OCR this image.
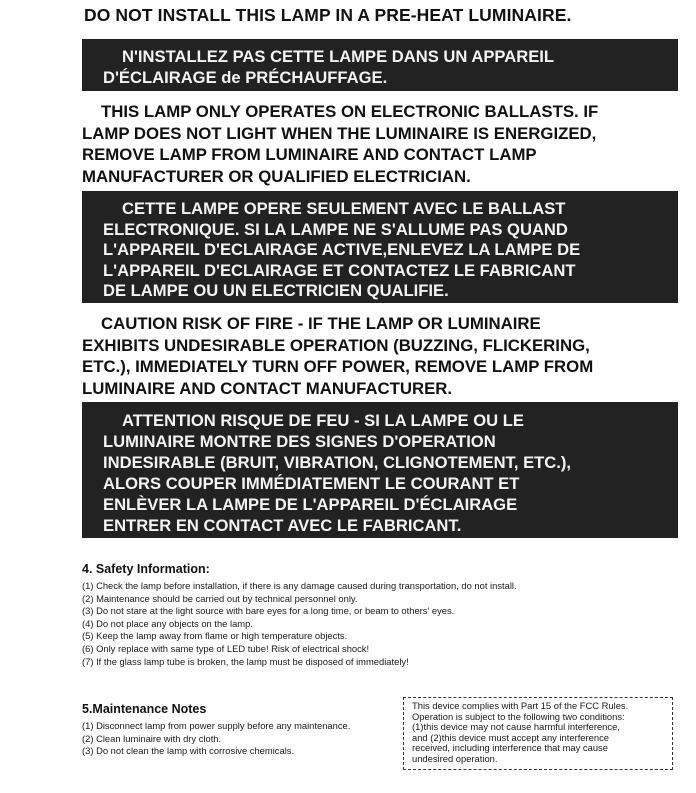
DO NOT INSTALL THIS LAMP IN A PRE-HEAT LUMINAIRE.
N'INSTALLEZ PAS CETTE LAMPE DANS UN APPAREIL
D'ÉCLAIRAGE de PRÉCHAUFFAGE.
THIS LAMP ONLY OPERATES ON ELECTRONIC BALLASTS. IF
LAMP DOES NOT LIGHT WHEN THE LUMINAIRE IS ENERGIZED,
REMOVE LAMP FROM LUMINAIRE AND CONTACT LAMP
MANUFACTURER OR QUALIFIED ELECTRICIAN.
CETTE LAMPE OPERE SEULEMENT AVEC LE BALLAST
ELECTRONIQUE. SI LA LAMPE NE S'ALLUME PAS QUAND
L'APPAREIL D'ECLAIRAGE ACTIVE,ENLEVEZ LA LAMPE DE
L'APPAREIL D'ECLAIRAGE ET CONTACTEZ LE FABRICANT
DE LAMPE OU UN ELECTRICIEN QUALIFIE.
CAUTION RISK OF FIRE - IF THE LAMP OR LUMINAIRE
EXHIBITS UNDESIRABLE OPERATION (BUZZING, FLICKERING,
ETC.), IMMEDIATELY TURN OFF POWER, REMOVE LAMP FROM
LUMINAIRE AND CONTACT MANUFACTURER.
ATTENTION RISQUE DE FEU - SI LA LAMPE OU LE
LUMINAIRE MONTRE DES SIGNES D'OPERATION
INDESIRABLE (BRUIT, VIBRATION, CLIGNOTEMENT, ETC.),
ALORS COUPER IMMÉDIATEMENT LE COURANT ET
ENLÈVER LA LAMPE DE L'APPAREIL D'ÉCLAIRAGE
ENTRER EN CONTACT AVEC LE FABRICANT.
4. Safety Information:
(1) Check the lamp before installation, if there is any damage caused during transportation, do not install.
(2) Maintenance should be carried out by technical personnel only.
(3) Do not stare at the light source with bare eyes for a long time, or beam to others' eyes.
(4) Do not place any objects on the lamp.
(5) Keep the lamp away from flame or high temperature objects.
(6) Only replace with same type of LED tube! Risk of electrical shock!
(7) If the glass lamp tube is broken, the lamp must be disposed of immediately!
5.Maintenance Notes
(1) Disconnect lamp from power supply before any maintenance.
(2) Clean luminaire with dry cloth.
(3) Do not clean the lamp with corrosive chemicals.
This device complies with Part 15 of the FCC Rules.
Operation is subject to the following two conditions:
(1)this device may not cause harmful interference,
and (2)this device must accept any interference
received, including interference that may cause
undesired operation.
